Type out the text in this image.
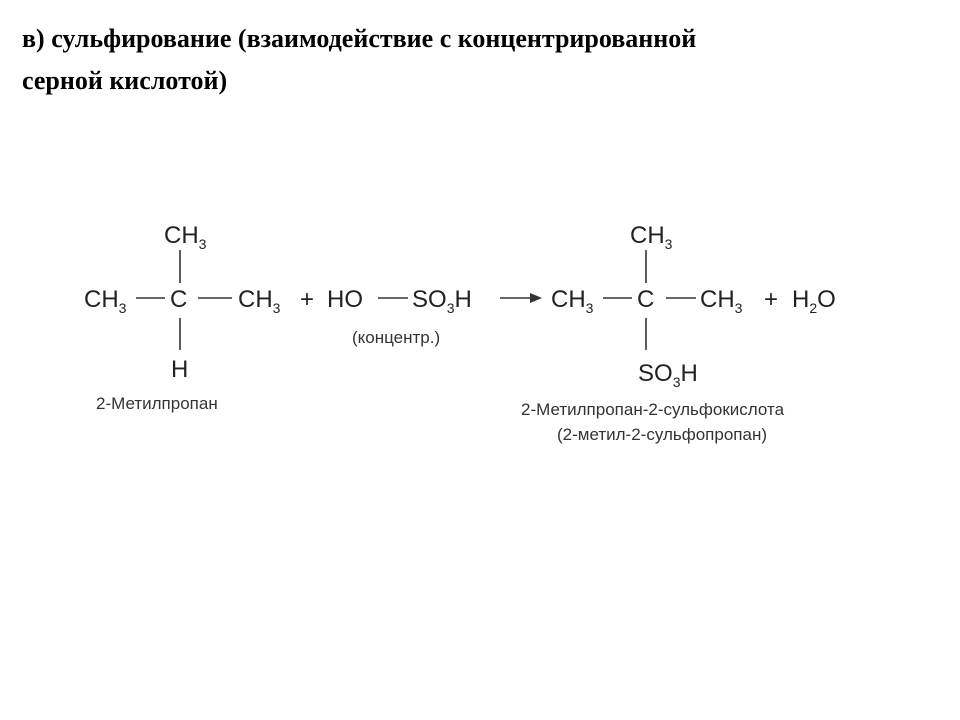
в) сульфирование (взаимодействие с концентрированной
серной кислотой)
$CH_3$
$CH_3$ C $CH_3$
H
2-Метилпропан
+ HO $SO_3H$
(концентр.)
$CH_3$
$CH_3$ C $CH_3$
$SO_3H$
2-Метилпропан-2-сульфокислота
(2-метил-2-сульфопропан)
+ $H_2O$
